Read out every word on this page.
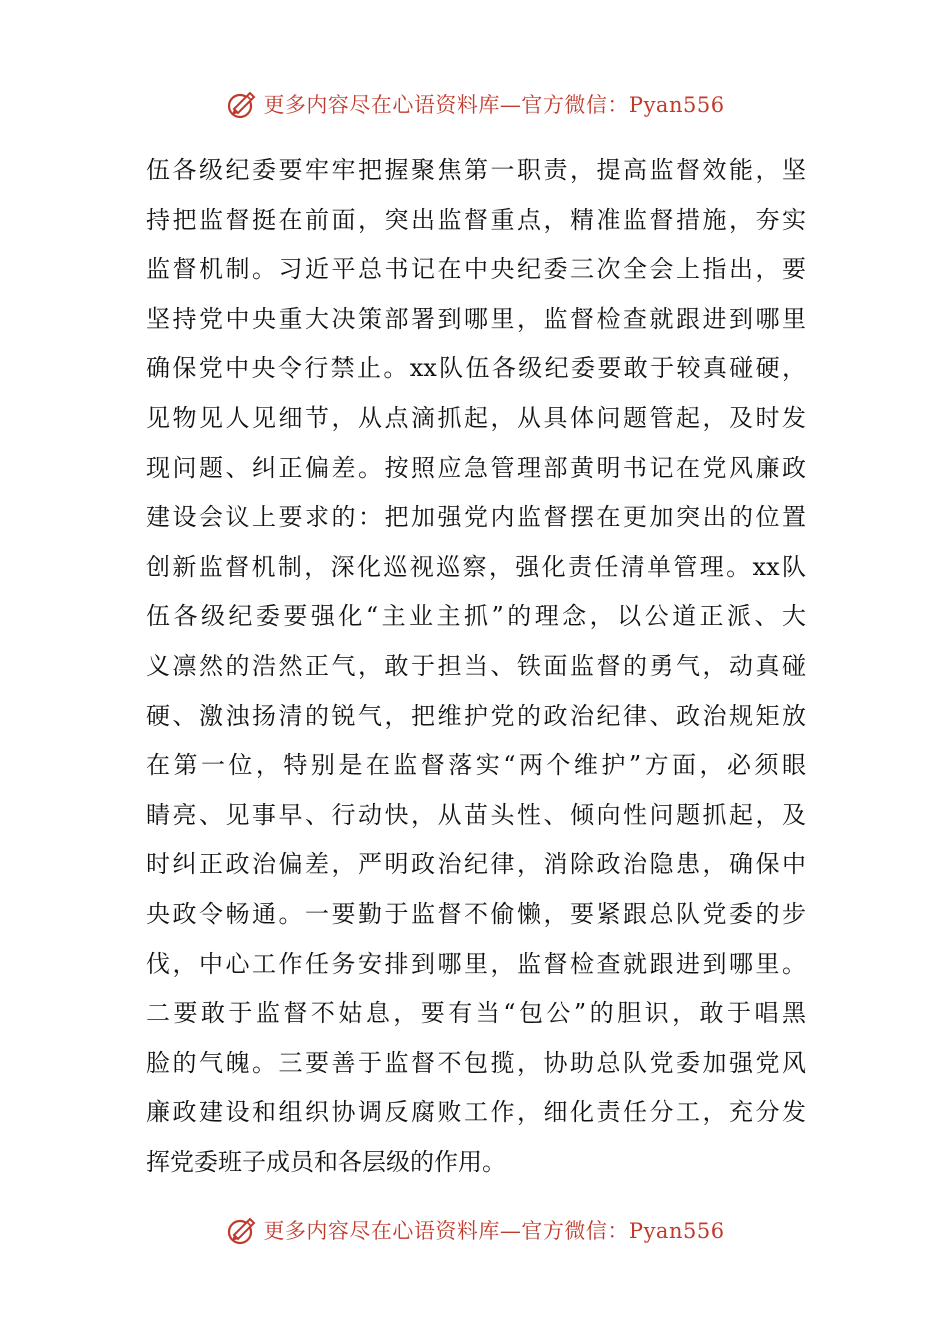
更多内容尽在心语资料库—官方微信：Pyan556
伍各级纪委要牢牢把握聚焦第一职责，提高监督效能，坚
持把监督挺在前面，突出监督重点，精准监督措施，夯实
监督机制。习近平总书记在中央纪委三次全会上指出，要
坚持党中央重大决策部署到哪里，监督检查就跟进到哪里
确保党中央令行禁止。xx队伍各级纪委要敢于较真碰硬，
见物见人见细节，从点滴抓起，从具体问题管起，及时发
现问题、纠正偏差。按照应急管理部黄明书记在党风廉政
建设会议上要求的：把加强党内监督摆在更加突出的位置
创新监督机制，深化巡视巡察，强化责任清单管理。xx队
伍各级纪委要强化“主业主抓”的理念，以公道正派、大
义凛然的浩然正气，敢于担当、铁面监督的勇气，动真碰
硬、激浊扬清的锐气，把维护党的政治纪律、政治规矩放
在第一位，特别是在监督落实“两个维护”方面，必须眼
睛亮、见事早、行动快，从苗头性、倾向性问题抓起，及
时纠正政治偏差，严明政治纪律，消除政治隐患，确保中
央政令畅通。一要勤于监督不偷懒，要紧跟总队党委的步
伐，中心工作任务安排到哪里，监督检查就跟进到哪里。
二要敢于监督不姑息，要有当“包公”的胆识，敢于唱黑
脸的气魄。三要善于监督不包揽，协助总队党委加强党风
廉政建设和组织协调反腐败工作，细化责任分工，充分发
挥党委班子成员和各层级的作用。
更多内容尽在心语资料库—官方微信：Pyan556
